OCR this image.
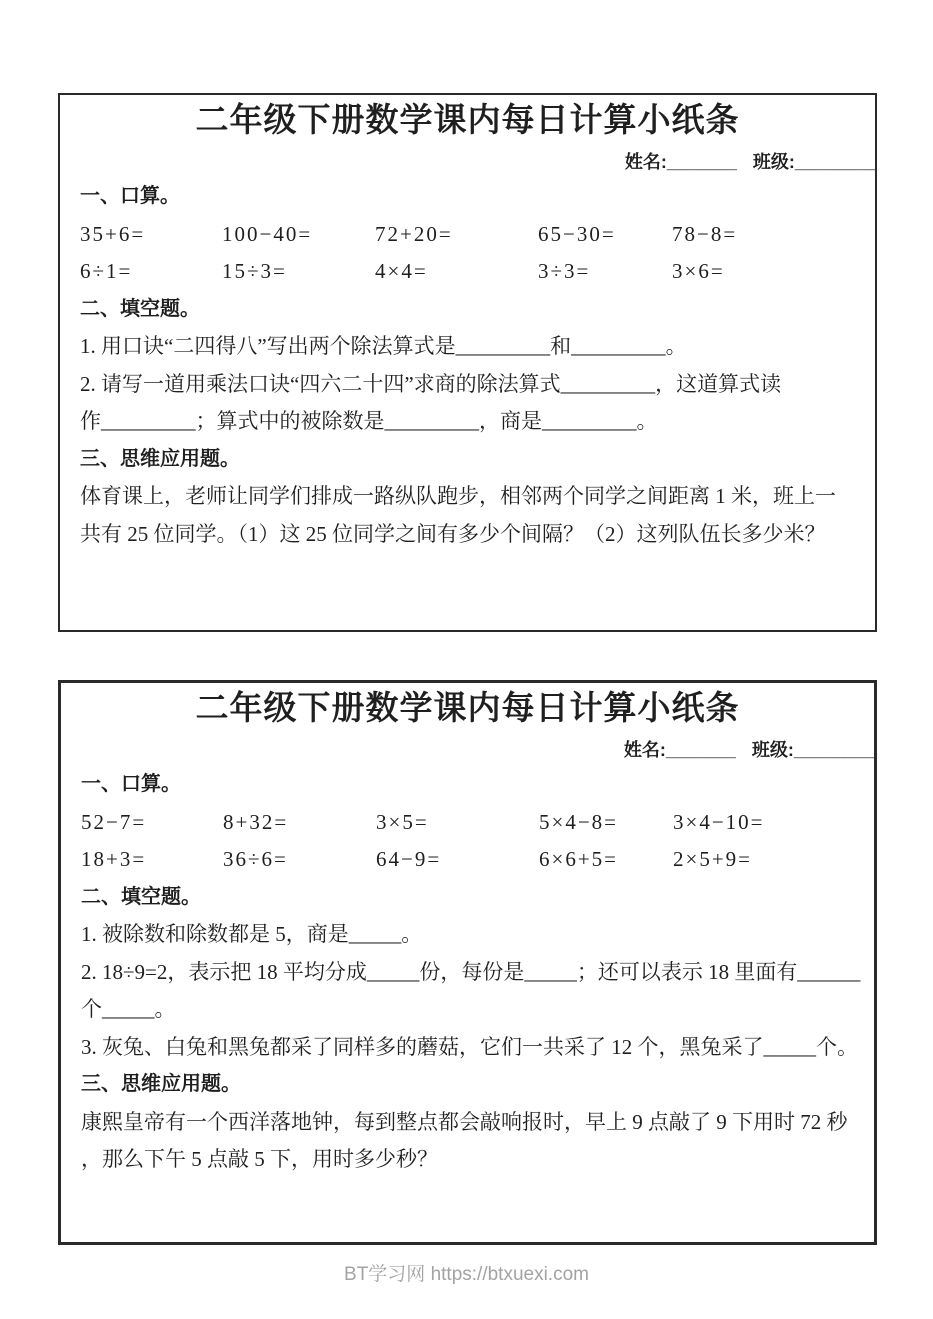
二年级下册数学课内每日计算小纸条
姓名:_______ 班级:________
一、口算。
35+6=	100−40=	72+20=	65−30=	78−8=
6÷1=	15÷3=	4×4=	3÷3=	3×6=
二、填空题。
1. 用口诀“二四得八”写出两个除法算式是_________和_________。
2. 请写一道用乘法口诀“四六二十四”求商的除法算式_________，这道算式读
作_________；算式中的被除数是_________，商是_________。
三、思维应用题。
体育课上，老师让同学们排成一路纵队跑步，相邻两个同学之间距离 1 米，班上一
共有 25 位同学。（1）这 25 位同学之间有多少个间隔？（2）这列队伍长多少米？
二年级下册数学课内每日计算小纸条
姓名:_______ 班级:________
一、口算。
52−7=	8+32=	3×5=	5×4−8=	3×4−10=
18+3=	36÷6=	64−9=	6×6+5=	2×5+9=
二、填空题。
1. 被除数和除数都是 5，商是_____。
2. 18÷9=2，表示把 18 平均分成_____份，每份是_____；还可以表示 18 里面有______
个_____。
3. 灰兔、白兔和黑兔都采了同样多的蘑菇，它们一共采了 12 个，黑兔采了_____个。
三、思维应用题。
康熙皇帝有一个西洋落地钟，每到整点都会敲响报时，早上 9 点敲了 9 下用时 72 秒
，那么下午 5 点敲 5 下，用时多少秒？
BT学习网 https://btxuexi.com
